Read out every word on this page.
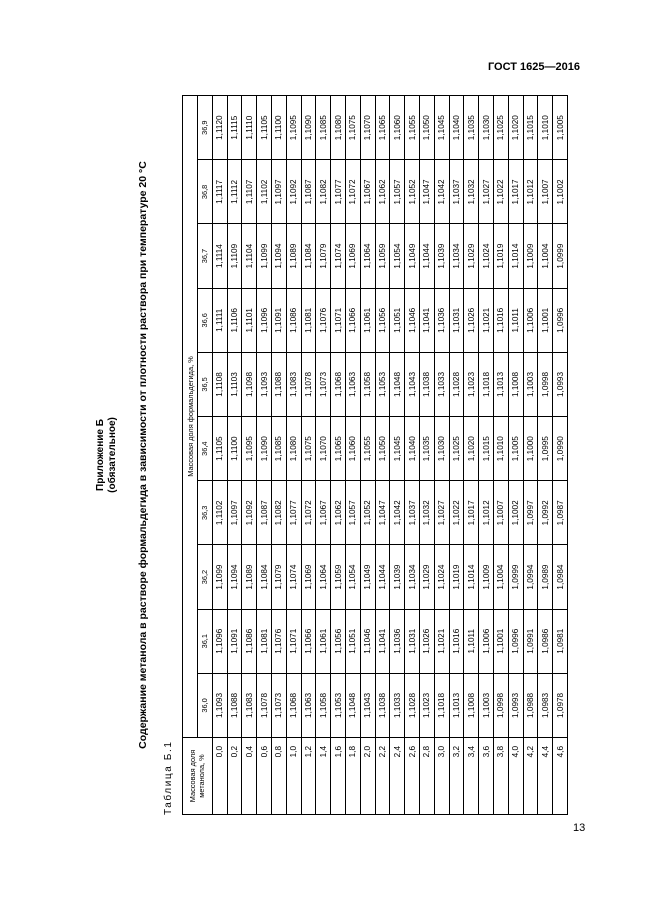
ГОСТ 1625—2016
Приложение Б (обязательное) Содержание метанола в растворе формальдегида в зависимости от плотности раствора при температуре 20 °С
Таблица Б.1 Массовая доля метанола, %	Массовая доля формальдегида, %									
	36,0	36,1	36,2	36,3	36,4	36,5	36,6	36,7	36,8	36,9
0,0	1,1093	1,1096	1,1099	1,1102	1,1105	1,1108	1,1111	1,1114	1,1117	1,1120
0,2	1,1088	1,1091	1,1094	1,1097	1,1100	1,1103	1,1106	1,1109	1,1112	1,1115
0,4	1,1083	1,1086	1,1089	1,1092	1,1095	1,1098	1,1101	1,1104	1,1107	1,1110
0,6	1,1078	1,1081	1,1084	1,1087	1,1090	1,1093	1,1096	1,1099	1,1102	1,1105
0,8	1,1073	1,1076	1,1079	1,1082	1,1085	1,1088	1,1091	1,1094	1,1097	1,1100
1,0	1,1068	1,1071	1,1074	1,1077	1,1080	1,1083	1,1086	1,1089	1,1092	1,1095
1,2	1,1063	1,1066	1,1069	1,1072	1,1075	1,1078	1,1081	1,1084	1,1087	1,1090
1,4	1,1058	1,1061	1,1064	1,1067	1,1070	1,1073	1,1076	1,1079	1,1082	1,1085
1,6	1,1053	1,1056	1,1059	1,1062	1,1065	1,1068	1,1071	1,1074	1,1077	1,1080
1,8	1,1048	1,1051	1,1054	1,1057	1,1060	1,1063	1,1066	1,1069	1,1072	1,1075
2,0	1,1043	1,1046	1,1049	1,1052	1,1055	1,1058	1,1061	1,1064	1,1067	1,1070
2,2	1,1038	1,1041	1,1044	1,1047	1,1050	1,1053	1,1056	1,1059	1,1062	1,1065
2,4	1,1033	1,1036	1,1039	1,1042	1,1045	1,1048	1,1051	1,1054	1,1057	1,1060
2,6	1,1028	1,1031	1,1034	1,1037	1,1040	1,1043	1,1046	1,1049	1,1052	1,1055
2,8	1,1023	1,1026	1,1029	1,1032	1,1035	1,1038	1,1041	1,1044	1,1047	1,1050
3,0	1,1018	1,1021	1,1024	1,1027	1,1030	1,1033	1,1036	1,1039	1,1042	1,1045
3,2	1,1013	1,1016	1,1019	1,1022	1,1025	1,1028	1,1031	1,1034	1,1037	1,1040
3,4	1,1008	1,1011	1,1014	1,1017	1,1020	1,1023	1,1026	1,1029	1,1032	1,1035
3,6	1,1003	1,1006	1,1009	1,1012	1,1015	1,1018	1,1021	1,1024	1,1027	1,1030
3,8	1,0998	1,1001	1,1004	1,1007	1,1010	1,1013	1,1016	1,1019	1,1022	1,1025
4,0	1,0993	1,0996	1,0999	1,1002	1,1005	1,1008	1,1011	1,1014	1,1017	1,1020
4,2	1,0988	1,0991	1,0994	1,0997	1,1000	1,1003	1,1006	1,1009	1,1012	1,1015
4,4	1,0983	1,0986	1,0989	1,0992	1,0995	1,0998	1,1001	1,1004	1,1007	1,1010
4,6	1,0978	1,0981	1,0984	1,0987	1,0990	1,0993	1,0996	1,0999	1,1002	1,1005
13
